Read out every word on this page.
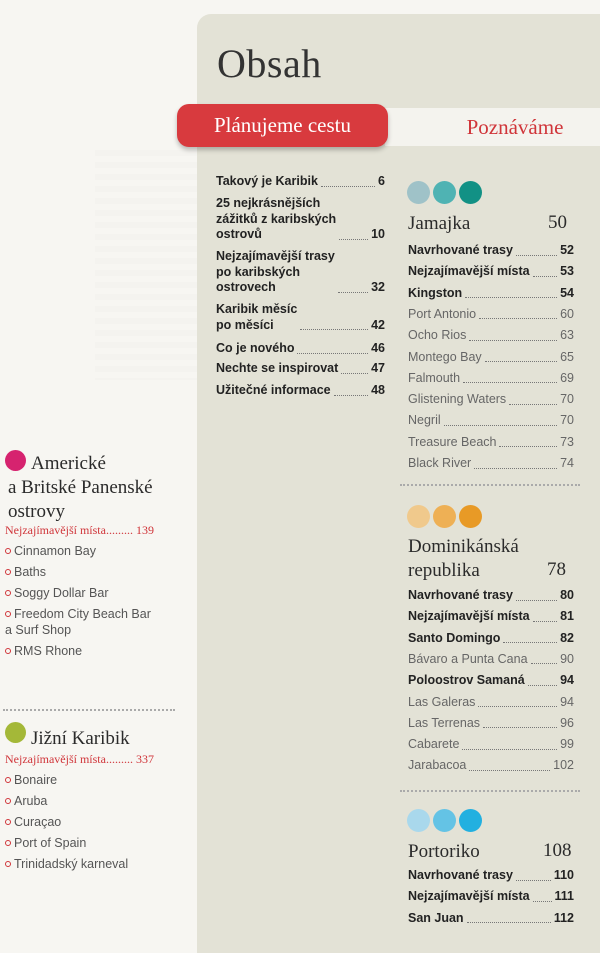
Obsah
Plánujeme cestu	Poznáváme
Takový je Karibik	6
25 nejkrásnějších
zážitků z karibských
ostrovů	10
Nejzajímavější trasy
po karibských
ostrovech	32
Karibik měsíc
po měsíci	42
Co je nového	46
Nechte se inspirovat	47
Užitečné informace	48
Jamajka	50
Navrhované trasy	52
Nejzajímavější místa 53
Kingston	54
Port Antonio	60
Ocho Rios	63
Montego Bay	65
Falmouth	69
Glistening Waters	70
Negril	70
Treasure Beach	73
Black River	74
Dominikánská
republika	78
Navrhované trasy	80
Nejzajímavější místa 81
Santo Domingo	82
Bávaro a Punta Cana	90
Poloostrov Samaná	94
Las Galeras	94
Las Terrenas	96
Cabarete	99
Jarabacoa	102
Portoriko	108
Navrhované trasy	110
Nejzajímavější místa 111
San Juan	112
Americké
a Britské Panenské
ostrovy
Nejzajímavější místa......... 139
Cinnamon Bay
Baths
Soggy Dollar Bar
Freedom City Beach Bar
a Surf Shop
RMS Rhone
Jižní Karibik
Nejzajímavější místa......... 337
Bonaire
Aruba
Curaçao
Port of Spain
Trinidadský karneval
